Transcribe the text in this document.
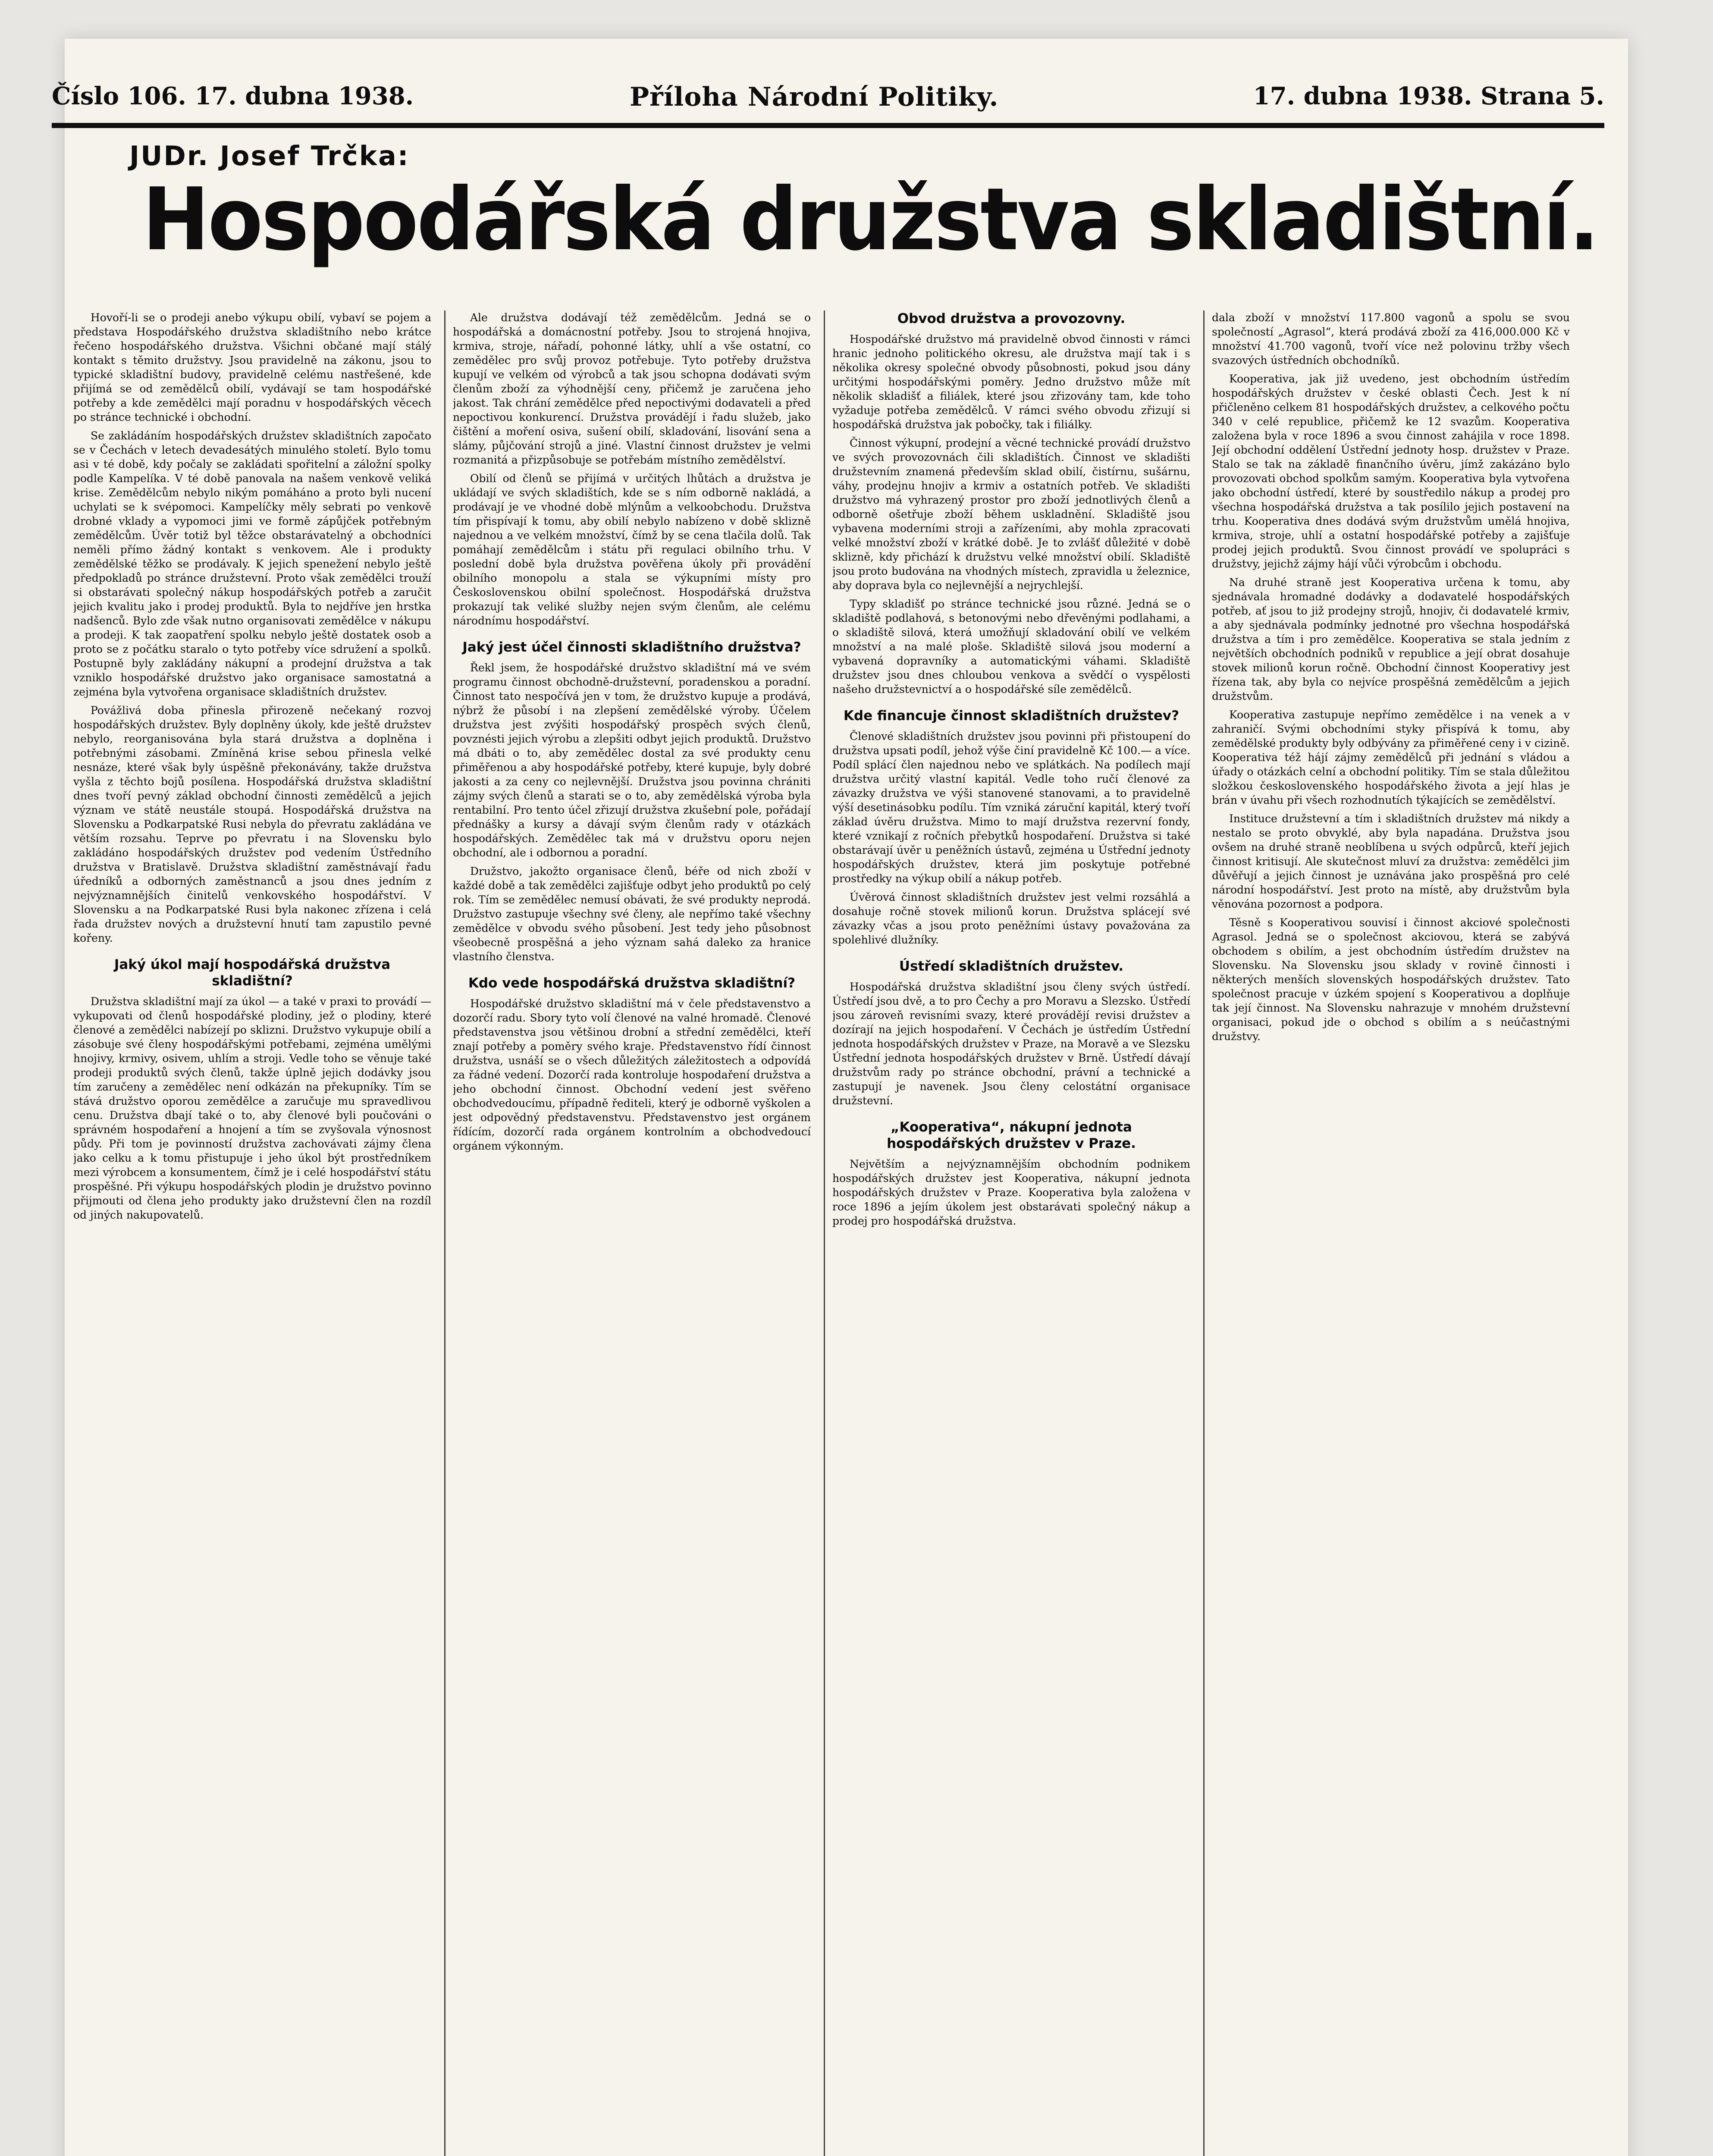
Číslo 106. 17. dubna 1938.	Příloha Národní Politiky.	17. dubna 1938. Strana 5.
JUDr. Josef Trčka:
Hospodářská družstva skladištní.

Hovoří-li se o prodeji anebo výkupu obilí, vybaví se pojem a představa Hospodářského družstva skladištního nebo krátce řečeno hospodářského družstva. Všichni občané mají stálý kontakt s těmito družstvy. Jsou pravidelně na zákonu, jsou to typické skladištní budovy, pravidelně celému nastřešené, kde přijímá se od zemědělců obilí, vydávají se tam hospodářské potřeby a kde zemědělci mají poradnu v hospodářských věcech po stránce technické i obchodní.

Se zakládáním hospodářských družstev skladištních započato se v Čechách v letech devadesátých minulého století. Bylo tomu asi v té době, kdy počaly se zakládati spořitelní a záložní spolky podle Kampelíka. V té době panovala na našem venkově veliká krise. Zemědělcům nebylo nikým pomáháno a proto byli nucení uchylati se k svépomoci. Kampelíčky měly sebrati po venkově drobné vklady a vypomoci jimi ve formě zápůjček potřebným zemědělcům. Úvěr totiž byl těžce obstarávatelný a obchodníci neměli přímo žádný kontakt s venkovem. Ale i produkty zemědělské těžko se prodávaly. K jejich spenežení nebylo ještě předpokladů po stránce družstevní. Proto však zemědělci trouží si obstarávati společný nákup hospodářských potřeb a zaručit jejich kvalitu jako i prodej produktů. Byla to nejdříve jen hrstka nadšenců. Bylo zde však nutno organisovati zemědělce v nákupu a prodeji. K tak zaopatření spolku nebylo ještě dostatek osob a proto se z počátku staralo o tyto potřeby více sdružení a spolků. Postupně byly zakládány nákupní a prodejní družstva a tak vzniklo hospodářské družstvo jako organisace samostatná a zejména byla vytvořena organisace skladištních družstev.

Povážlivá doba přinesla přirozeně nečekaný rozvoj hospodářských družstev. Byly doplněny úkoly, kde ještě družstev nebylo, reorganisována byla stará družstva a doplněna i potřebnými zásobami. Zmíněná krise sebou přinesla velké nesnáze, které však byly úspěšně překonávány, takže družstva vyšla z těchto bojů posílena. Hospodářská družstva skladištní dnes tvoří pevný základ obchodní činnosti zemědělců a jejich význam ve státě neustále stoupá. Hospodářská družstva na Slovensku a Podkarpatské Rusi nebyla do převratu zakládána ve větším rozsahu. Teprve po převratu i na Slovensku bylo zakládáno hospodářských družstev pod vedením Ústředního družstva v Bratislavě. Družstva skladištní zaměstnávají řadu úředníků a odborných zaměstnanců a jsou dnes jedním z nejvýznamnějších činitelů venkovského hospodářství. V Slovensku a na Podkarpatské Rusi byla nakonec zřízena i celá řada družstev nových a družstevní hnutí tam zapustilo pevné kořeny.

Jaký úkol mají hospodářská družstva skladištní?

Družstva skladištní mají za úkol — a také v praxi to provádí — vykupovati od členů hospodářské plodiny, jež o plodiny, které členové a zemědělci nabízejí po sklizni. Družstvo vykupuje obilí a zásobuje své členy hospodářskými potřebami, zejména umělými hnojivy, krmivy, osivem, uhlím a stroji. Vedle toho se věnuje také prodeji produktů svých členů, takže úplně jejich dodávky jsou tím zaručeny a zemědělec není odkázán na překupníky. Tím se stává družstvo oporou zemědělce a zaručuje mu spravedlivou cenu. Družstva dbají také o to, aby členové byli poučováni o správném hospodaření a hnojení a tím se zvyšovala výnosnost půdy. Při tom je povinností družstva zachovávati zájmy člena jako celku a k tomu přistupuje i jeho úkol být prostředníkem mezi výrobcem a konsumentem, čímž je i celé hospodářství státu prospěšné. Při výkupu hospodářských plodin je družstvo povinno přijmouti od člena jeho produkty jako družstevní člen na rozdíl od jiných nakupovatelů.

Ale družstva dodávají též zemědělcům. Jedná se o hospodářská a domácnostní potřeby. Jsou to strojená hnojiva, krmiva, stroje, nářadí, pohonné látky, uhlí a vše ostatní, co zemědělec pro svůj provoz potřebuje. Tyto potřeby družstva kupují ve velkém od výrobců a tak jsou schopna dodávati svým členům zboží za výhodnější ceny, přičemž je zaručena jeho jakost. Tak chrání zemědělce před nepoctivými dodavateli a před nepoctivou konkurencí. Družstva provádějí i řadu služeb, jako čištění a moření osiva, sušení obilí, skladování, lisování sena a slámy, půjčování strojů a jiné. Vlastní činnost družstev je velmi rozmanitá a přizpůsobuje se potřebám místního zemědělství.

Obilí od členů se přijímá v určitých lhůtách a družstva je ukládají ve svých skladištích, kde se s ním odborně nakládá, a prodávají je ve vhodné době mlýnům a velkoobchodu. Družstva tím přispívají k tomu, aby obilí nebylo nabízeno v době sklizně najednou a ve velkém množství, čímž by se cena tlačila dolů. Tak pomáhají zemědělcům i státu při regulaci obilního trhu. V poslední době byla družstva pověřena úkoly při provádění obilního monopolu a stala se výkupními místy pro Československou obilní společnost. Hospodářská družstva prokazují tak veliké služby nejen svým členům, ale celému národnímu hospodářství.

Jaký jest účel činnosti skladištního družstva?

Řekl jsem, že hospodářské družstvo skladištní má ve svém programu činnost obchodně-družstevní, poradenskou a poradní. Činnost tato nespočívá jen v tom, že družstvo kupuje a prodává, nýbrž že působí i na zlepšení zemědělské výroby. Účelem družstva jest zvýšiti hospodářský prospěch svých členů, povznésti jejich výrobu a zlepšiti odbyt jejich produktů. Družstvo má dbáti o to, aby zemědělec dostal za své produkty cenu přiměřenou a aby hospodářské potřeby, které kupuje, byly dobré jakosti a za ceny co nejlevnější. Družstva jsou povinna chrániti zájmy svých členů a starati se o to, aby zemědělská výroba byla rentabilní. Pro tento účel zřizují družstva zkušební pole, pořádají přednášky a kursy a dávají svým členům rady v otázkách hospodářských. Zemědělec tak má v družstvu oporu nejen obchodní, ale i odbornou a poradní.

Družstvo, jakožto organisace členů, béře od nich zboží v každé době a tak zemědělci zajišťuje odbyt jeho produktů po celý rok. Tím se zemědělec nemusí obávati, že své produkty neprodá. Družstvo zastupuje všechny své členy, ale nepřímo také všechny zemědělce v obvodu svého působení. Jest tedy jeho působnost všeobecně prospěšná a jeho význam sahá daleko za hranice vlastního členstva.

Kdo vede hospodářská družstva skladištní?

Hospodářské družstvo skladištní má v čele představenstvo a dozorčí radu. Sbory tyto volí členové na valné hromadě. Členové představenstva jsou většinou drobní a střední zemědělci, kteří znají potřeby a poměry svého kraje. Představenstvo řídí činnost družstva, usnáší se o všech důležitých záležitostech a odpovídá za řádné vedení. Dozorčí rada kontroluje hospodaření družstva a jeho obchodní činnost. Obchodní vedení jest svěřeno obchodvedoucímu, případně řediteli, který je odborně vyškolen a jest odpovědný představenstvu. Představenstvo jest orgánem řídícím, dozorčí rada orgánem kontrolním a obchodvedoucí orgánem výkonným.

Obvod družstva a provozovny.

Hospodářské družstvo má pravidelně obvod činnosti v rámci hranic jednoho politického okresu, ale družstva mají tak i s několika okresy společné obvody působnosti, pokud jsou dány určitými hospodářskými poměry. Jedno družstvo může mít několik skladišť a filiálek, které jsou zřizovány tam, kde toho vyžaduje potřeba zemědělců. V rámci svého obvodu zřizují si hospodářská družstva jak pobočky, tak i filiálky.

Činnost výkupní, prodejní a věcné technické provádí družstvo ve svých provozovnách čili skladištích. Činnost ve skladišti družstevním znamená především sklad obilí, čistírnu, sušárnu, váhy, prodejnu hnojiv a krmiv a ostatních potřeb. Ve skladišti družstvo má vyhrazený prostor pro zboží jednotlivých členů a odborně ošetřuje zboží během uskladnění. Skladiště jsou vybavena moderními stroji a zařízeními, aby mohla zpracovati velké množství zboží v krátké době. Je to zvlášť důležité v době sklizně, kdy přichází k družstvu velké množství obilí. Skladiště jsou proto budována na vhodných místech, zpravidla u železnice, aby doprava byla co nejlevnější a nejrychlejší.

Typy skladišť po stránce technické jsou různé. Jedná se o skladiště podlahová, s betonovými nebo dřevěnými podlahami, a o skladiště silová, která umožňují skladování obilí ve velkém množství a na malé ploše. Skladiště silová jsou moderní a vybavená dopravníky a automatickými váhami. Skladiště družstev jsou dnes chloubou venkova a svědčí o vyspělosti našeho družstevnictví a o hospodářské síle zemědělců.

Kde financuje činnost skladištních družstev?

Členové skladištních družstev jsou povinni při přistoupení do družstva upsati podíl, jehož výše činí pravidelně Kč 100.— a více. Podíl splácí člen najednou nebo ve splátkách. Na podílech mají družstva určitý vlastní kapitál. Vedle toho ručí členové za závazky družstva ve výši stanovené stanovami, a to pravidelně výší desetinásobku podílu. Tím vzniká záruční kapitál, který tvoří základ úvěru družstva. Mimo to mají družstva rezervní fondy, které vznikají z ročních přebytků hospodaření. Družstva si také obstarávají úvěr u peněžních ústavů, zejména u Ústřední jednoty hospodářských družstev, která jim poskytuje potřebné prostředky na výkup obilí a nákup potřeb.

Úvěrová činnost skladištních družstev jest velmi rozsáhlá a dosahuje ročně stovek milionů korun. Družstva splácejí své závazky včas a jsou proto peněžními ústavy považována za spolehlivé dlužníky.

Ústředí skladištních družstev.

Hospodářská družstva skladištní jsou členy svých ústředí. Ústředí jsou dvě, a to pro Čechy a pro Moravu a Slezsko. Ústředí jsou zároveň revisními svazy, které provádějí revisi družstev a dozírají na jejich hospodaření. V Čechách je ústředím Ústřední jednota hospodářských družstev v Praze, na Moravě a ve Slezsku Ústřední jednota hospodářských družstev v Brně. Ústředí dávají družstvům rady po stránce obchodní, právní a technické a zastupují je navenek. Jsou členy celostátní organisace družstevní.

„Kooperativa“, nákupní jednota hospodářských družstev v Praze.

Největším a nejvýznamnějším obchodním podnikem hospodářských družstev jest Kooperativa, nákupní jednota hospodářských družstev v Praze. Kooperativa byla založena v roce 1896 a jejím úkolem jest obstarávati společný nákup a prodej pro hospodářská družstva.

dala zboží v množství 117.800 vagonů a spolu se svou společností „Agrasol“, která prodává zboží za 416,000.000 Kč v množství 41.700 vagonů, tvoří více než polovinu tržby všech svazových ústředních obchodníků.

Kooperativa, jak již uvedeno, jest obchodním ústředím hospodářských družstev v české oblasti Čech. Jest k ní přičleněno celkem 81 hospodářských družstev, a celkového počtu 340 v celé republice, přičemž ke 12 svazům. Kooperativa založena byla v roce 1896 a svou činnost zahájila v roce 1898. Její obchodní oddělení Ústřední jednoty hosp. družstev v Praze. Stalo se tak na základě finančního úvěru, jímž zakázáno bylo provozovati obchod spolkům samým. Kooperativa byla vytvořena jako obchodní ústředí, které by soustředilo nákup a prodej pro všechna hospodářská družstva a tak posílilo jejich postavení na trhu. Kooperativa dnes dodává svým družstvům umělá hnojiva, krmiva, stroje, uhlí a ostatní hospodářské potřeby a zajišťuje prodej jejich produktů. Svou činnost provádí ve spolupráci s družstvy, jejichž zájmy hájí vůči výrobcům i obchodu.

Na druhé straně jest Kooperativa určena k tomu, aby sjednávala hromadné dodávky a dodavatelé hospodářských potřeb, ať jsou to již prodejny strojů, hnojiv, či dodavatelé krmiv, a aby sjednávala podmínky jednotné pro všechna hospodářská družstva a tím i pro zemědělce. Kooperativa se stala jedním z největších obchodních podniků v republice a její obrat dosahuje stovek milionů korun ročně. Obchodní činnost Kooperativy jest řízena tak, aby byla co nejvíce prospěšná zemědělcům a jejich družstvům.

Kooperativa zastupuje nepřímo zemědělce i na venek a v zahraničí. Svými obchodními styky přispívá k tomu, aby zemědělské produkty byly odbývány za přiměřené ceny i v cizině. Kooperativa též hájí zájmy zemědělců při jednání s vládou a úřady o otázkách celní a obchodní politiky. Tím se stala důležitou složkou československého hospodářského života a její hlas je brán v úvahu při všech rozhodnutích týkajících se zemědělství.

Instituce družstevní a tím i skladištních družstev má nikdy a nestalo se proto obvyklé, aby byla napadána. Družstva jsou ovšem na druhé straně neoblíbena u svých odpůrců, kteří jejich činnost kritisují. Ale skutečnost mluví za družstva: zemědělci jim důvěřují a jejich činnost je uznávána jako prospěšná pro celé národní hospodářství. Jest proto na místě, aby družstvům byla věnována pozornost a podpora.

Těsně s Kooperativou souvisí i činnost akciové společnosti Agrasol. Jedná se o společnost akciovou, která se zabývá obchodem s obilím, a jest obchodním ústředím družstev na Slovensku. Na Slovensku jsou sklady v rovině činnosti i některých menších slovenských hospodářských družstev. Tato společnost pracuje v úzkém spojení s Kooperativou a doplňuje tak její činnost. Na Slovensku nahrazuje v mnohém družstevní organisaci, pokud jde o obchod s obilím a s neúčastnými družstvy.
